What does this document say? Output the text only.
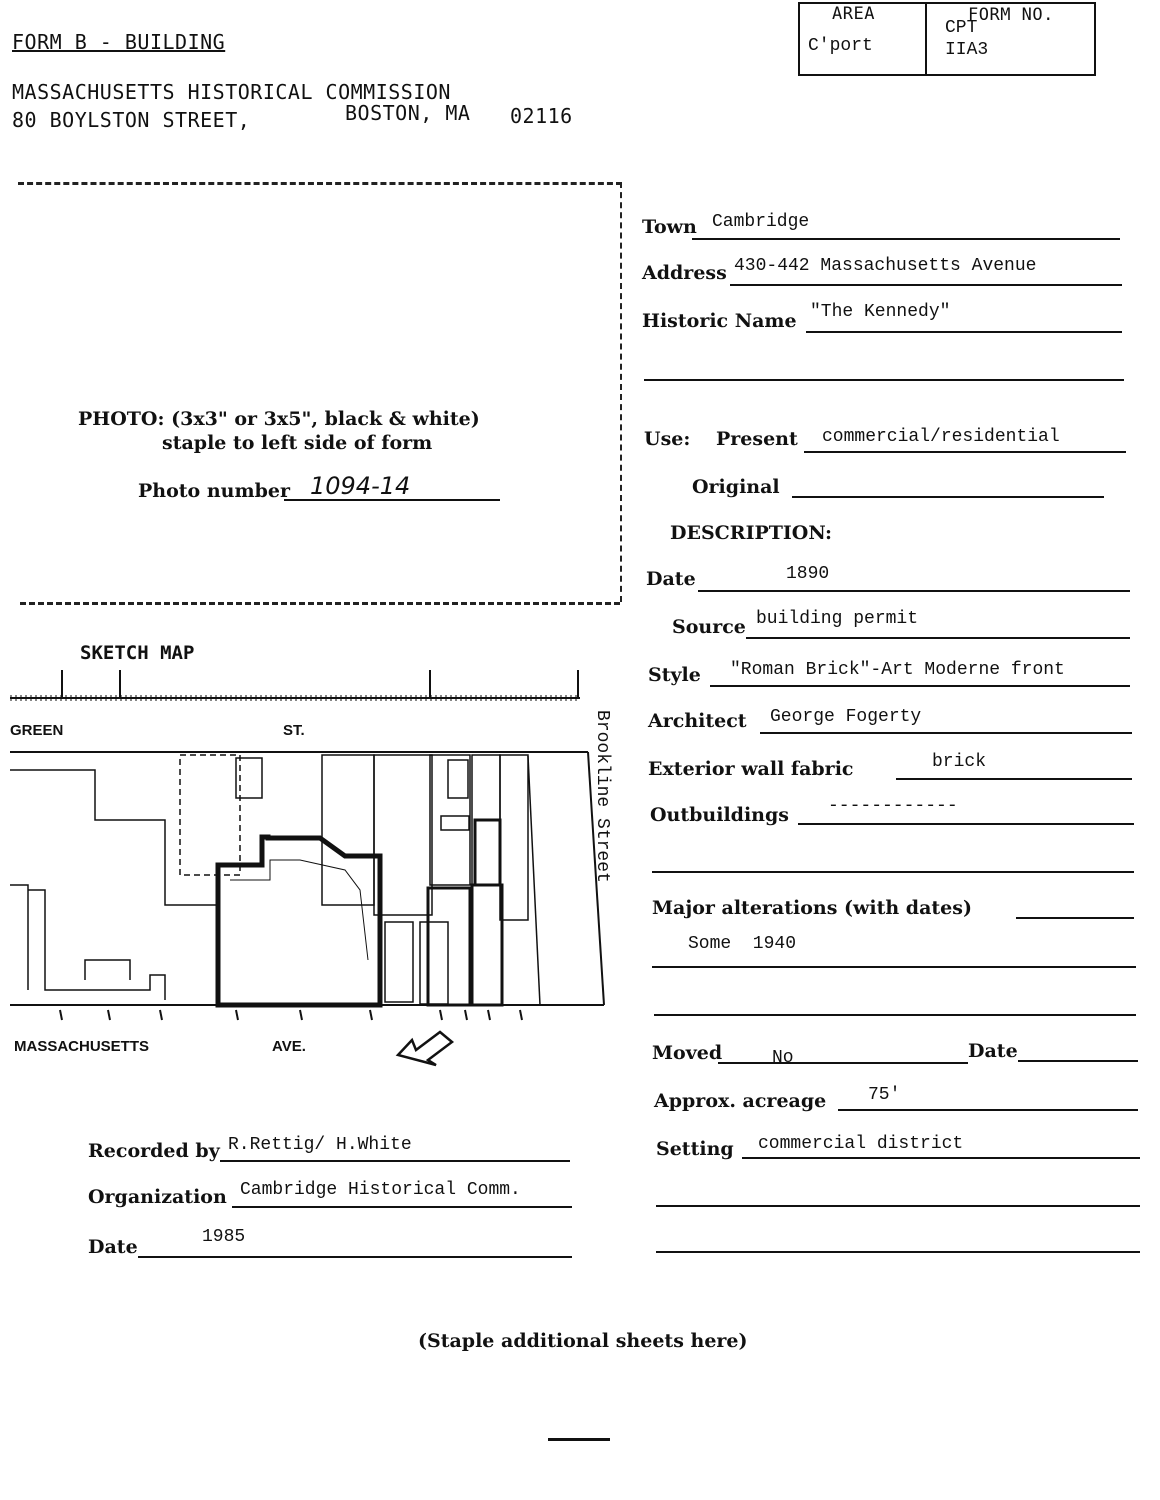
FORM B - BUILDING
MASSACHUSETTS HISTORICAL COMMISSION
80 BOYLSTON STREET,	BOSTON, MA 02116
AREA
C'port
FORM NO.
CPT
IIA3
PHOTO: (3x3" or 3x5", black & white)
staple to left side of form
Photo number 1094-14
SKETCH MAP
GREEN	ST.
MASSACHUSETTS	AVE.
Brookline Street
Town Cambridge
Address 430-442 Massachusetts Avenue
Historic Name "The Kennedy"
Use: Present commercial/residential
Original
DESCRIPTION:
Date	1890
Source building permit
Style "Roman Brick"-Art Moderne front
Architect George Fogerty
Exterior wall fabric	brick
Outbuildings ------------
Major alterations (with dates)
Some  1940
Moved	No	Date
Approx. acreage 75'
Setting commercial district
Recorded by R.Rettig/ H.White
Organization Cambridge Historical Comm.
Date	1985
(Staple additional sheets here)
